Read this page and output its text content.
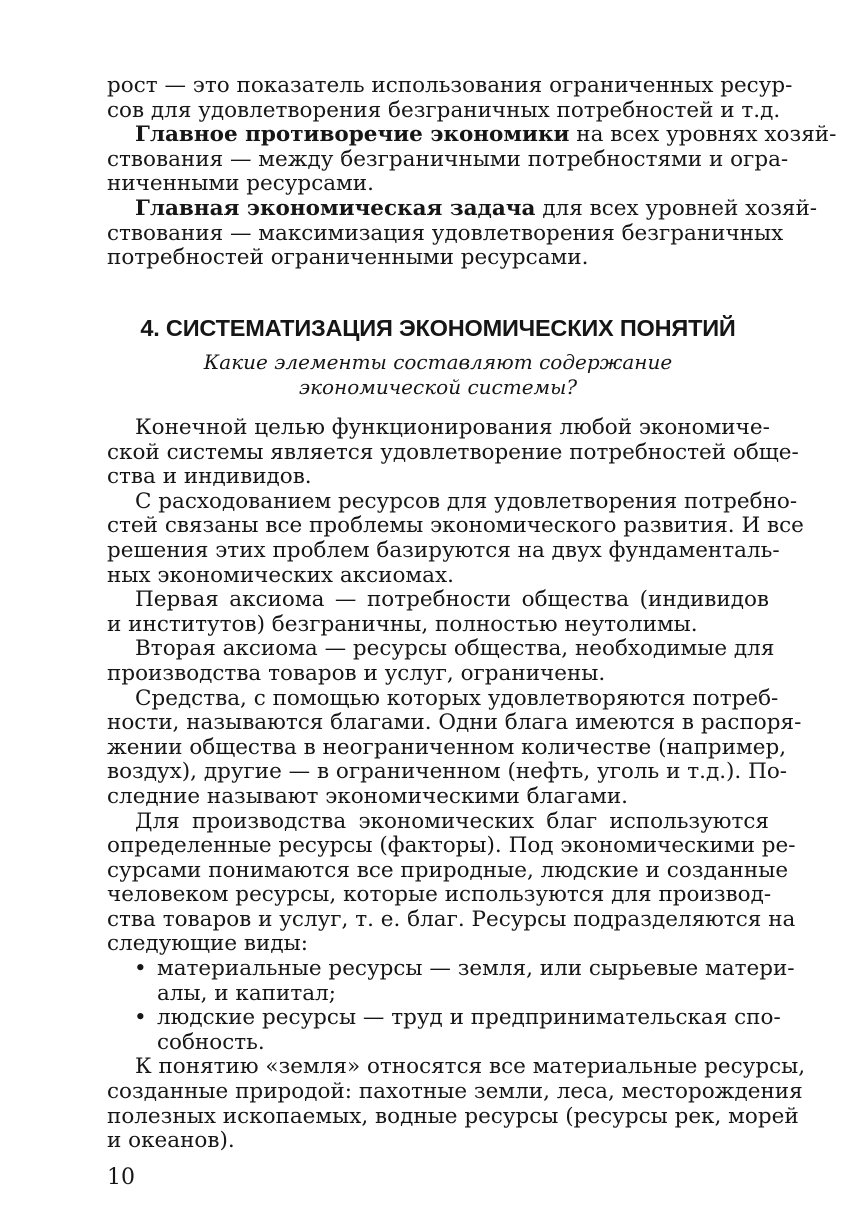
рост — это показатель использования ограниченных ресур-
сов для удовлетворения безграничных потребностей и т.д.
Главное противоречие экономики на всех уровнях хозяй-
ствования — между безграничными потребностями и огра-
ниченными ресурсами.
Главная экономическая задача для всех уровней хозяй-
ствования — максимизация удовлетворения безграничных
потребностей ограниченными ресурсами.
4. СИСТЕМАТИЗАЦИЯ ЭКОНОМИЧЕСКИХ ПОНЯТИЙ
Какие элементы составляют содержание
экономической системы?
Конечной целью функционирования любой экономиче-
ской системы является удовлетворение потребностей обще-
ства и индивидов.
С расходованием ресурсов для удовлетворения потребно-
стей связаны все проблемы экономического развития. И все
решения этих проблем базируются на двух фундаменталь-
ных экономических аксиомах.
Первая аксиома — потребности общества (индивидов
и институтов) безграничны, полностью неутолимы.
Вторая аксиома — ресурсы общества, необходимые для
производства товаров и услуг, ограничены.
Средства, с помощью которых удовлетворяются потреб-
ности, называются благами. Одни блага имеются в распоря-
жении общества в неограниченном количестве (например,
воздух), другие — в ограниченном (нефть, уголь и т.д.). По-
следние называют экономическими благами.
Для производства экономических благ используются
определенные ресурсы (факторы). Под экономическими ре-
сурсами понимаются все природные, людские и созданные
человеком ресурсы, которые используются для производ-
ства товаров и услуг, т. е. благ. Ресурсы подразделяются на
следующие виды:
• материальные ресурсы — земля, или сырьевые матери-
алы, и капитал;
• людские ресурсы — труд и предпринимательская спо-
собность.
К понятию «земля» относятся все материальные ресурсы,
созданные природой: пахотные земли, леса, месторождения
полезных ископаемых, водные ресурсы (ресурсы рек, морей
и океанов).
10
